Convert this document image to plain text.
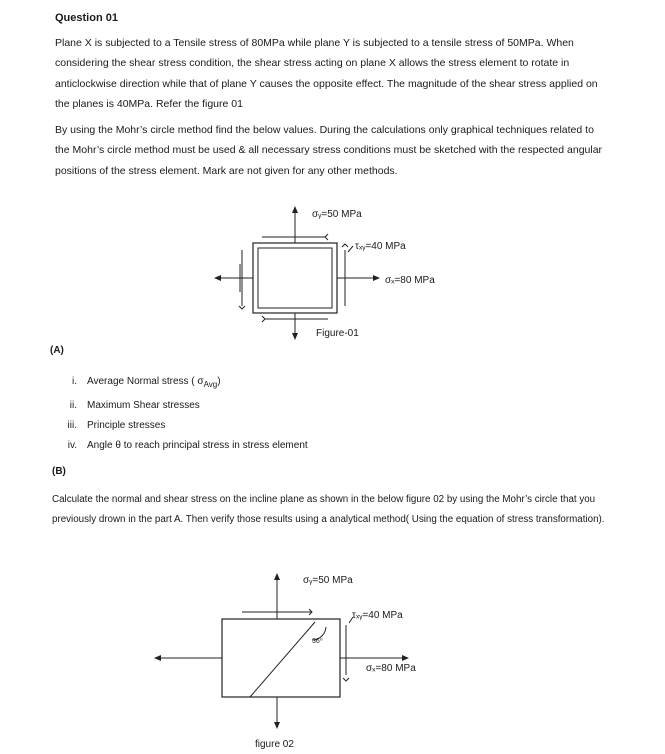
Question 01
Plane X is subjected to a Tensile stress of 80MPa while plane Y is subjected to a tensile stress of 50MPa. When considering the shear stress condition, the shear stress acting on plane X allows the stress element to rotate in anticlockwise direction while that of plane Y causes the opposite effect. The magnitude of the shear stress applied on the planes is 40MPa. Refer the figure 01
By using the Mohr’s circle method find the below values. During the calculations only graphical techniques related to the Mohr’s circle method must be used & all necessary stress conditions must be sketched with the respected angular positions of the stress element. Mark are not given for any other methods.
σᵧ=50 MPa
τₓᵧ=40 MPa
σₓ=80 MPa
Figure-01
(A)
i. Average Normal stress ( $\sigma_{Avg}$)
ii. Maximum Shear stresses
iii. Principle stresses
iv. Angle θ to reach principal stress in stress element
(B)
Calculate the normal and shear stress on the incline plane as shown in the below figure 02 by using the Mohr’s circle that you previously drown in the part A. Then verify those results using a analytical method( Using the equation of stress transformation).
σᵧ=50 MPa
τₓᵧ=40 MPa
36⁰
σₓ=80 MPa
figure 02
